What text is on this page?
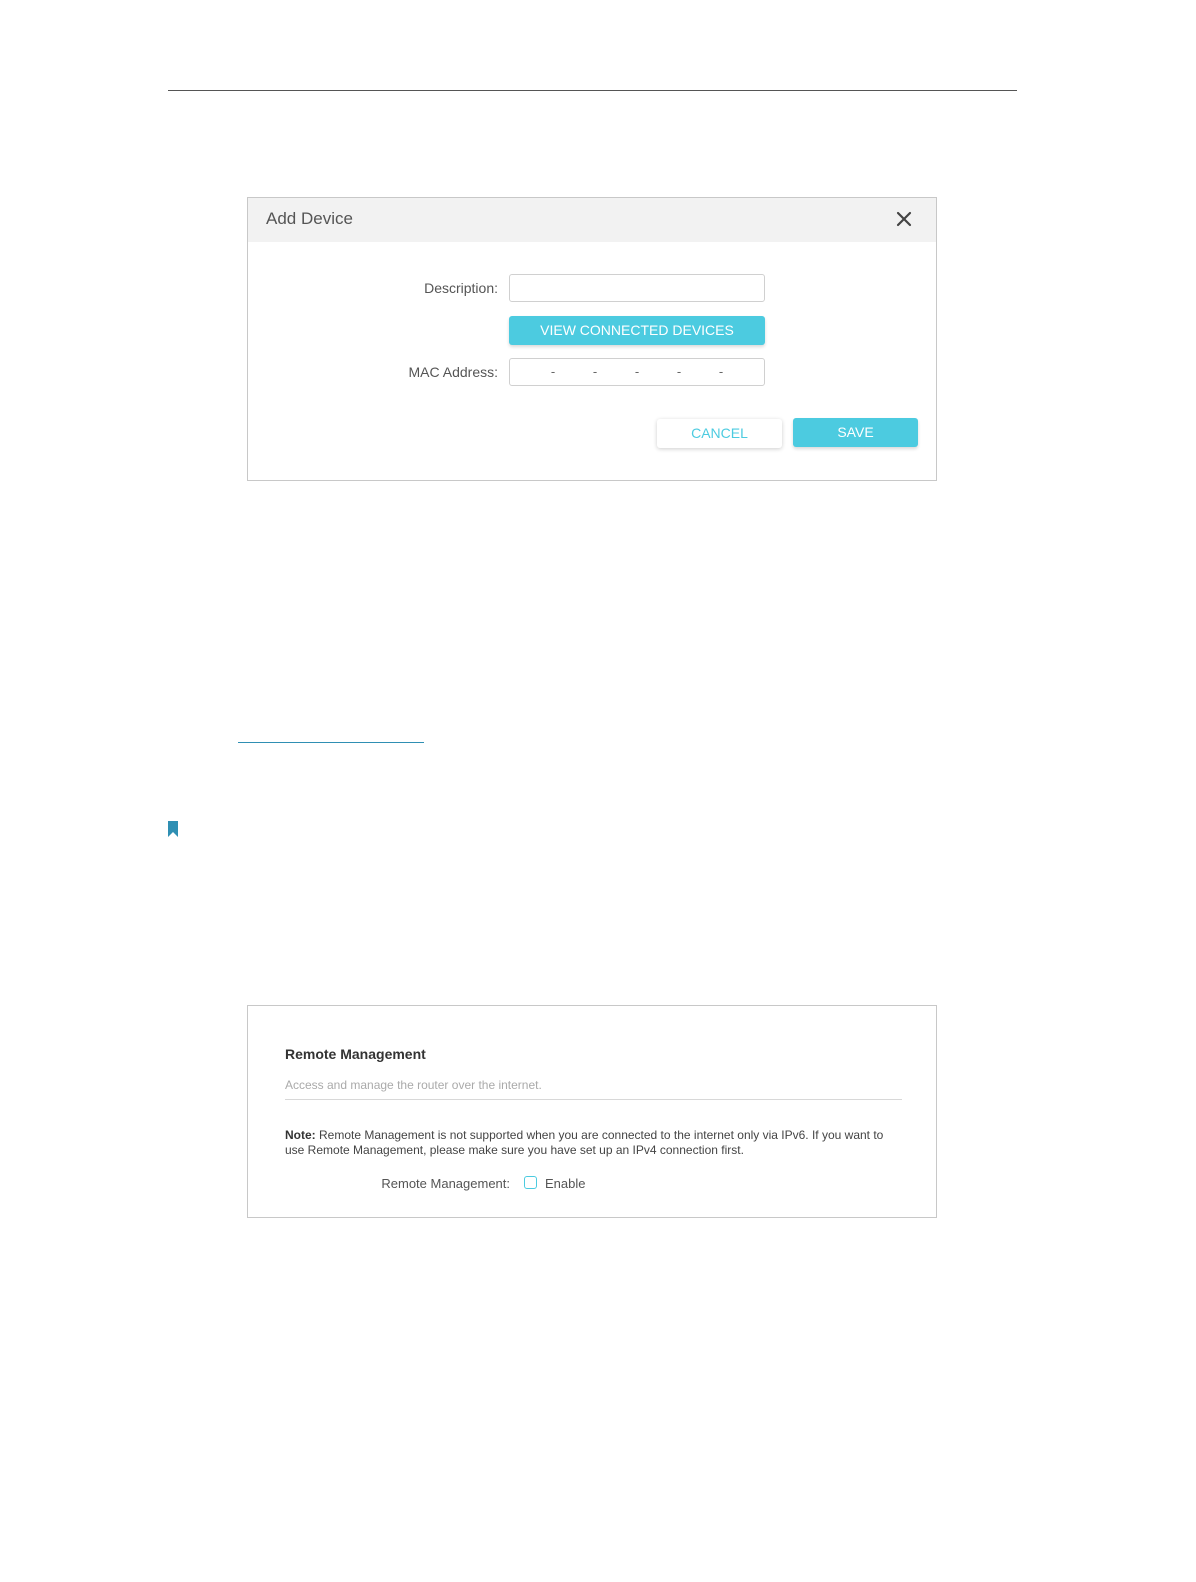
Add Device
Description:
VIEW CONNECTED DEVICES
MAC Address:	-	-	-	-	-
CANCEL	SAVE
Remote Management
Access and manage the router over the internet.
Note: Remote Management is not supported when you are connected to the internet only via IPv6. If you want to use Remote Management, please make sure you have set up an IPv4 connection first.
Remote Management:	Enable
